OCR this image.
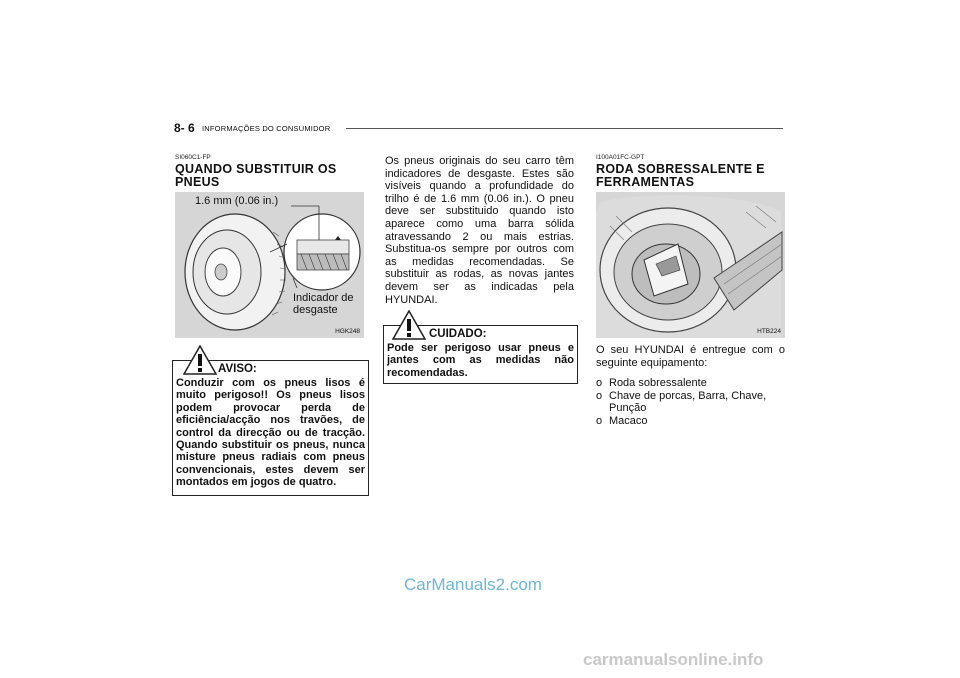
8- 6 INFORMAÇÕES DO CONSUMIDOR
SI060C1-FP
QUANDO SUBSTITUIR OS PNEUS
1.6 mm (0.06 in.)
Indicador de desgaste
HGK248
AVISO:
Conduzir com os pneus lisos é muito perigoso!! Os pneus lisos podem provocar perda de eficiência/acção nos travões, de control da direcção ou de tracção. Quando substituir os pneus, nunca misture pneus radiais com pneus convencionais, estes devem ser montados em jogos de quatro.
Os pneus originais do seu carro têm indicadores de desgaste. Estes são visíveis quando a profundidade do trilho é de 1.6 mm (0.06 in.). O pneu deve ser substituido quando isto aparece como uma barra sólida atravessando 2 ou mais estrias. Substitua-os sempre por outros com as medidas recomendadas. Se substituir as rodas, as novas jantes devem ser as indicadas pela HYUNDAI.
CUIDADO:
Pode ser perigoso usar pneus e jantes com as medidas não recomendadas.
I100A01FC-GPT
RODA SOBRESSALENTE E FERRAMENTAS
HTB224
O seu HYUNDAI é entregue com o seguinte equipamento:
o Roda sobressalente
o Chave de porcas, Barra, Chave, Punção
o Macaco
CarManuals2.com
carmanualsonline.info
